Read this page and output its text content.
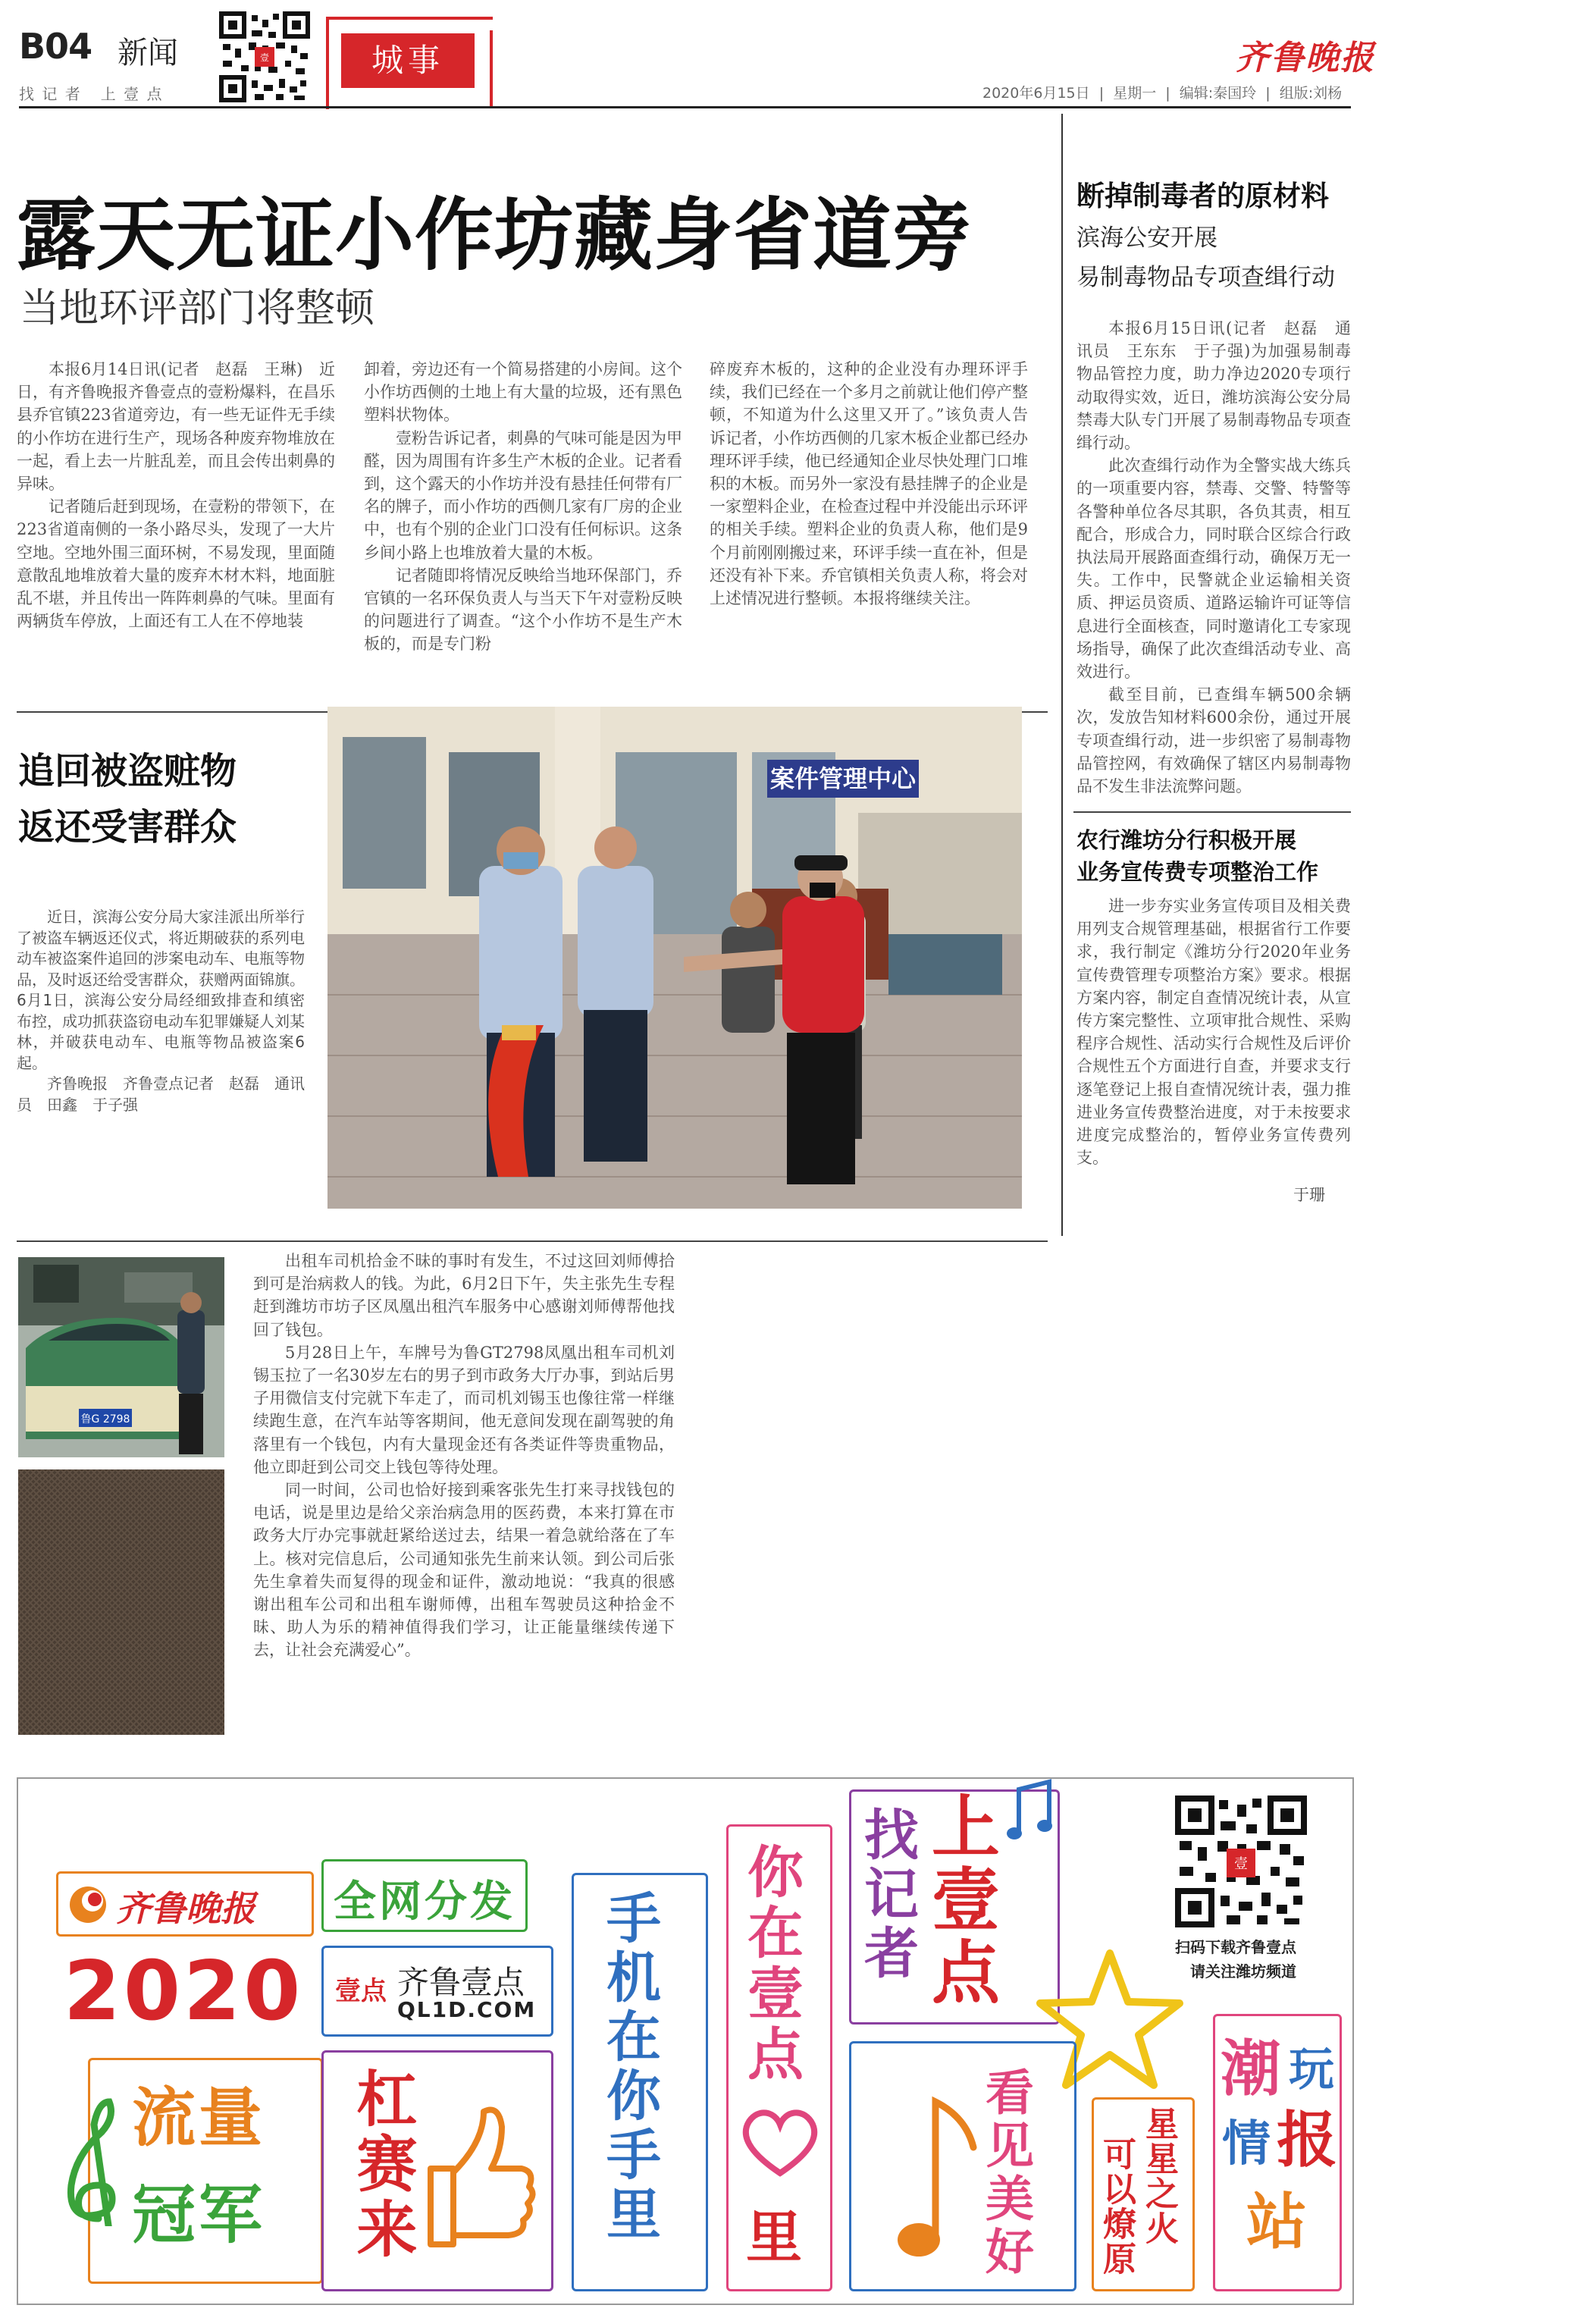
B04 新闻
找 记 者   上 壹 点
壹	城事
2020年6月15日  |  星期一  |  编辑:秦国玲  |  组版:刘杨
齐鲁晚报
露天无证小作坊藏身省道旁
当地环评部门将整顿

本报6月14日讯(记者　赵磊　王琳)　近日，有齐鲁晚报齐鲁壹点的壹粉爆料，在昌乐县乔官镇223省道旁边，有一些无证件无手续的小作坊在进行生产，现场各种废弃物堆放在一起，看上去一片脏乱差，而且会传出刺鼻的异味。

记者随后赶到现场，在壹粉的带领下，在223省道南侧的一条小路尽头，发现了一大片空地。空地外围三面环树，不易发现，里面随意散乱地堆放着大量的废弃木材木料，地面脏乱不堪，并且传出一阵阵刺鼻的气味。里面有两辆货车停放，上面还有工人在不停地装

卸着，旁边还有一个简易搭建的小房间。这个小作坊西侧的土地上有大量的垃圾，还有黑色塑料状物体。

壹粉告诉记者，刺鼻的气味可能是因为甲醛，因为周围有许多生产木板的企业。记者看到，这个露天的小作坊并没有悬挂任何带有厂名的牌子，而小作坊的西侧几家有厂房的企业中，也有个别的企业门口没有任何标识。这条乡间小路上也堆放着大量的木板。

记者随即将情况反映给当地环保部门，乔官镇的一名环保负责人与当天下午对壹粉反映的问题进行了调查。“这个小作坊不是生产木板的，而是专门粉

碎废弃木板的，这种的企业没有办理环评手续，我们已经在一个多月之前就让他们停产整顿，不知道为什么这里又开了。”该负责人告诉记者，小作坊西侧的几家木板企业都已经办理环评手续，他已经通知企业尽快处理门口堆积的木板。而另外一家没有悬挂牌子的企业是一家塑料企业，在检查过程中并没能出示环评的相关手续。塑料企业的负责人称，他们是9个月前刚刚搬过来，环评手续一直在补，但是还没有补下来。乔官镇相关负责人称，将会对上述情况进行整顿。本报将继续关注。

断掉制毒者的原材料
滨海公安开展
易制毒物品专项查缉行动

本报6月15日讯(记者　赵磊　通讯员　王东东　于子强)为加强易制毒物品管控力度，助力净边2020专项行动取得实效，近日，潍坊滨海公安分局禁毒大队专门开展了易制毒物品专项查缉行动。

此次查缉行动作为全警实战大练兵的一项重要内容，禁毒、交警、特警等各警种单位各尽其职，各负其责，相互配合，形成合力，同时联合区综合行政执法局开展路面查缉行动，确保万无一失。工作中，民警就企业运输相关资质、押运员资质、道路运输许可证等信息进行全面核查，同时邀请化工专家现场指导，确保了此次查缉活动专业、高效进行。

截至目前，已查缉车辆500余辆次，发放告知材料600余份，通过开展专项查缉行动，进一步织密了易制毒物品管控网，有效确保了辖区内易制毒物品不发生非法流弊问题。

农行潍坊分行积极开展
业务宣传费专项整治工作

进一步夯实业务宣传项目及相关费用列支合规管理基础，根据省行工作要求，我行制定《潍坊分行2020年业务宣传费管理专项整治方案》要求。根据方案内容，制定自查情况统计表，从宣传方案完整性、立项审批合规性、采购程序合规性、活动实行合规性及后评价合规性五个方面进行自查，并要求支行逐笔登记上报自查情况统计表，强力推进业务宣传费整治进度，对于未按要求进度完成整治的，暂停业务宣传费列支。

于珊
追回被盗赃物
返还受害群众

近日，滨海公安分局大家洼派出所举行了被盗车辆返还仪式，将近期破获的系列电动车被盗案件追回的涉案电动车、电瓶等物品，及时返还给受害群众，获赠两面锦旗。6月1日，滨海公安分局经细致排查和缜密布控，成功抓获盗窃电动车犯罪嫌疑人刘某林，并破获电动车、电瓶等物品被盗案6起。

齐鲁晚报　齐鲁壹点记者　赵磊　通讯员　田鑫　于子强

案件管理中心
鲁G 2798

出租车司机拾金不昧的事时有发生，不过这回刘师傅拾到可是治病救人的钱。为此，6月2日下午，失主张先生专程赶到潍坊市坊子区凤凰出租汽车服务中心感谢刘师傅帮他找回了钱包。

5月28日上午，车牌号为鲁GT2798凤凰出租车司机刘锡玉拉了一名30岁左右的男子到市政务大厅办事，到站后男子用微信支付完就下车走了，而司机刘锡玉也像往常一样继续跑生意，在汽车站等客期间，他无意间发现在副驾驶的角落里有一个钱包，内有大量现金还有各类证件等贵重物品，他立即赶到公司交上钱包等待处理。

同一时间，公司也恰好接到乘客张先生打来寻找钱包的电话，说是里边是给父亲治病急用的医药费，本来打算在市政务大厅办完事就赶紧给送过去，结果一着急就给落在了车上。核对完信息后，公司通知张先生前来认领。到公司后张先生拿着失而复得的现金和证件，激动地说：“我真的很感谢出租车公司和出租车谢师傅，出租车驾驶员这种拾金不昧、助人为乐的精神值得我们学习，让正能量继续传递下去，让社会充满爱心”。

齐鲁晚报
2020
流量
冠军
全网分发
壹点 齐鲁壹点
QL1D.COM
杠赛来	手机在你手里 你在壹点
里
找记者 上壹点
看见美好	星星之火
可以燎原
壹
扫码下载齐鲁壹点
请关注潍坊频道
潮 玩
情 报
站
